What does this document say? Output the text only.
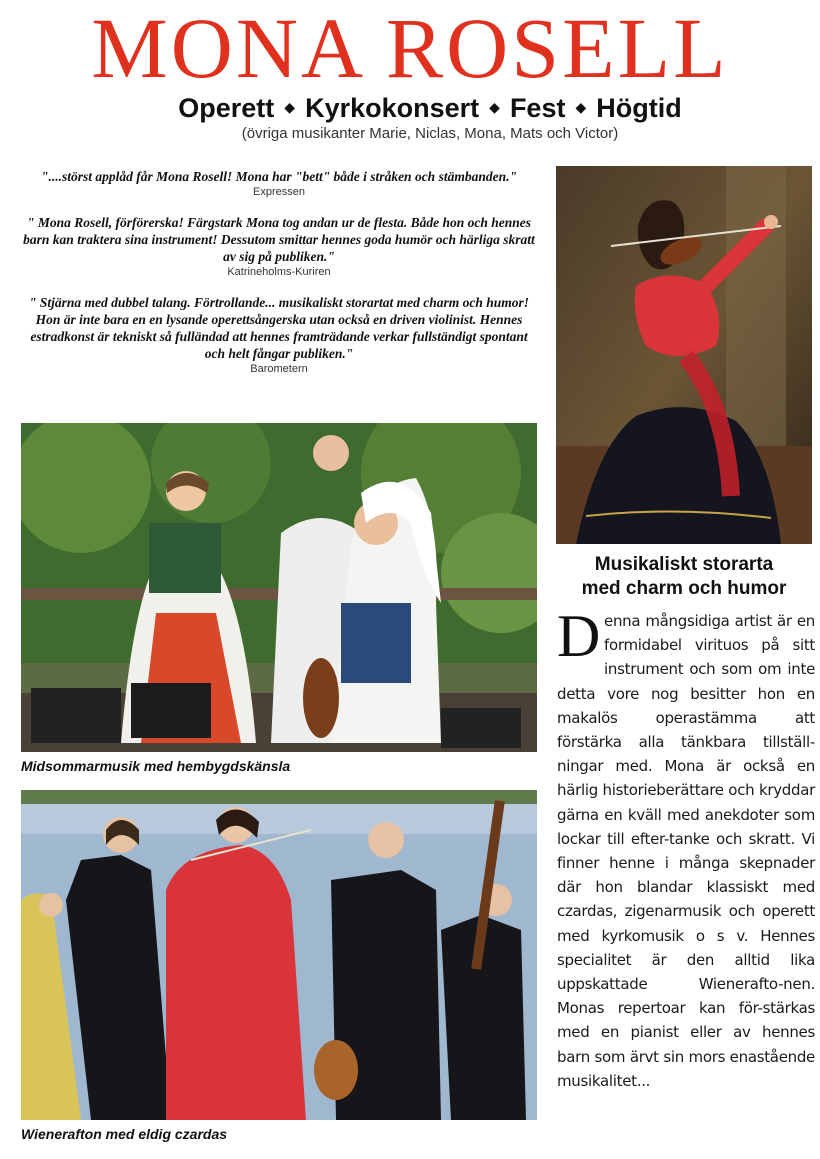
MONA ROSELL
Operett ◆ Kyrkokonsert ◆ Fest ◆ Högtid
(övriga musikanter Marie, Niclas, Mona, Mats och Victor)
"....störst applåd får Mona Rosell! Mona har "bett" både i stråken och stämbanden."
Expressen
" Mona Rosell, förförerska! Färgstark Mona tog andan ur de flesta. Både hon och hennes barn kan traktera sina instrument! Dessutom smittar hennes goda humör och härliga skratt av sig på publiken."
Katrineholms-Kuriren
" Stjärna med dubbel talang. Förtrollande... musikaliskt storartat med charm och humor! Hon är inte bara en en lysande operettsångerska utan också en driven violinist. Hennes estradkonst är tekniskt så fulländad att hennes framträdande verkar fullständigt spontant och helt fångar publiken."
Barometern
Midsommarmusik med hembygdskänsla
Wienerafton med eldig czardas
Musikaliskt storarta
med charm och humor
Denna mångsidiga artist är en formidabel virituos på sitt instrument och som om inte detta vore nog besitter hon en makalös operastämma att förstärka alla tänkbara tillställ-ningar med. Mona är också en härlig historieberättare och kryddar gärna en kväll med anekdoter som lockar till efter-tanke och skratt. Vi finner henne i många skepnader där hon blandar klassiskt med czardas, zigenarmusik och operett med kyrkomusik o s v. Hennes specialitet är den alltid lika uppskattade Wienerafto-nen. Monas repertoar kan för-stärkas med en pianist eller av hennes barn som ärvt sin mors enastående musikalitet...
